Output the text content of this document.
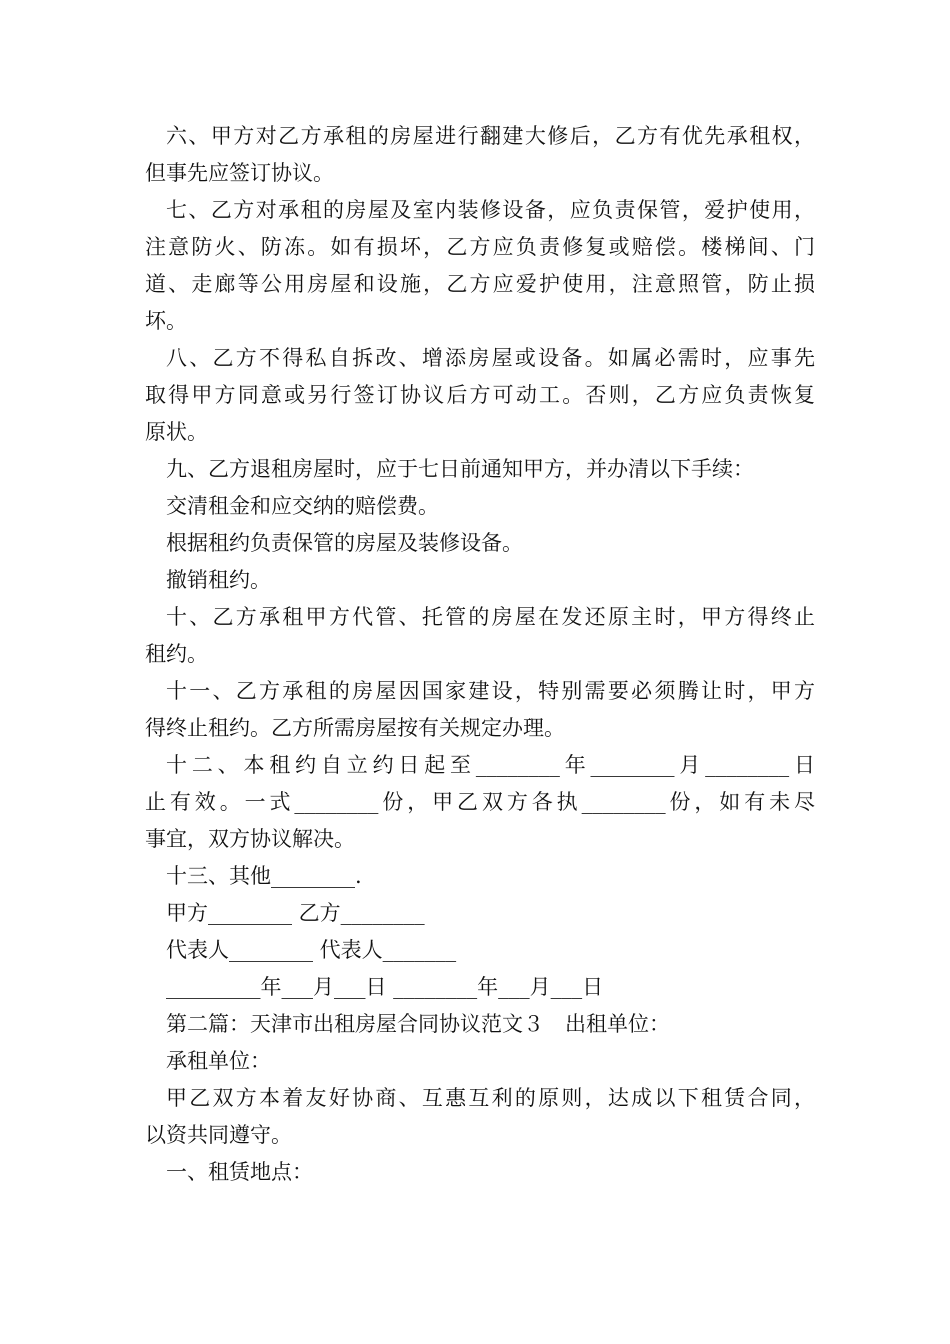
六、甲方对乙方承租的房屋进行翻建大修后，乙方有优先承租权，

但事先应签订协议。

七、乙方对承租的房屋及室内装修设备，应负责保管，爱护使用，

注意防火、防冻。如有损坏，乙方应负责修复或赔偿。楼梯间、门

道、走廊等公用房屋和设施，乙方应爱护使用，注意照管，防止损

坏。

八、乙方不得私自拆改、增添房屋或设备。如属必需时，应事先

取得甲方同意或另行签订协议后方可动工。否则，乙方应负责恢复

原状。

九、乙方退租房屋时，应于七日前通知甲方，并办清以下手续：

交清租金和应交纳的赔偿费。

根据租约负责保管的房屋及装修设备。

撤销租约。

十、乙方承租甲方代管、托管的房屋在发还原主时，甲方得终止

租约。

十一、乙方承租的房屋因国家建设，特别需要必须腾让时，甲方

得终止租约。乙方所需房屋按有关规定办理。

十二、本租约自立约日起至________年________月________日

止有效。一式________份，甲乙双方各执________份，如有未尽

事宜，双方协议解决。

十三、其他________.

甲方________ 乙方________

代表人________ 代表人_______

_________年___月___日 ________年___月___日

第二篇：天津市出租房屋合同协议范文３　出租单位：

承租单位：

甲乙双方本着友好协商、互惠互利的原则，达成以下租赁合同，

以资共同遵守。

一、租赁地点：
